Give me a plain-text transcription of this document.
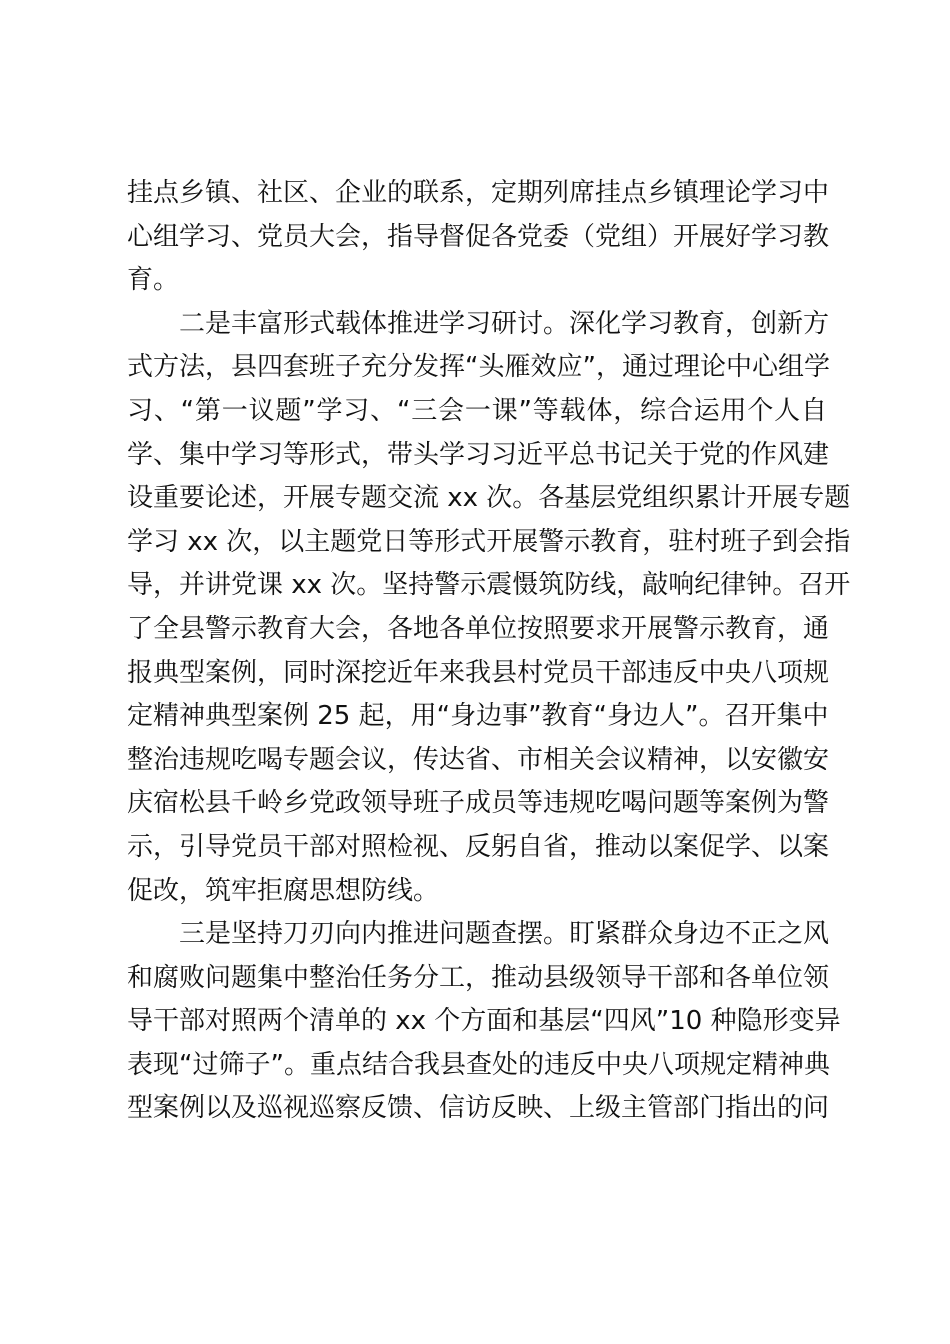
挂点乡镇、社区、企业的联系，定期列席挂点乡镇理论学习中
心组学习、党员大会，指导督促各党委（党组）开展好学习教
育。
二是丰富形式载体推进学习研讨。深化学习教育，创新方
式方法，县四套班子充分发挥“头雁效应”，通过理论中心组学
习、“第一议题”学习、“三会一课”等载体，综合运用个人自
学、集中学习等形式，带头学习习近平总书记关于党的作风建
设重要论述，开展专题交流 xx 次。各基层党组织累计开展专题
学习 xx 次，以主题党日等形式开展警示教育，驻村班子到会指
导，并讲党课 xx 次。坚持警示震慑筑防线，敲响纪律钟。召开
了全县警示教育大会，各地各单位按照要求开展警示教育，通
报典型案例，同时深挖近年来我县村党员干部违反中央八项规
定精神典型案例 25 起，用“身边事”教育“身边人”。召开集中
整治违规吃喝专题会议，传达省、市相关会议精神，以安徽安
庆宿松县千岭乡党政领导班子成员等违规吃喝问题等案例为警
示，引导党员干部对照检视、反躬自省，推动以案促学、以案
促改，筑牢拒腐思想防线。
三是坚持刀刃向内推进问题查摆。盯紧群众身边不正之风
和腐败问题集中整治任务分工，推动县级领导干部和各单位领
导干部对照两个清单的 xx 个方面和基层“四风”10 种隐形变异
表现“过筛子”。重点结合我县查处的违反中央八项规定精神典
型案例以及巡视巡察反馈、信访反映、上级主管部门指出的问
